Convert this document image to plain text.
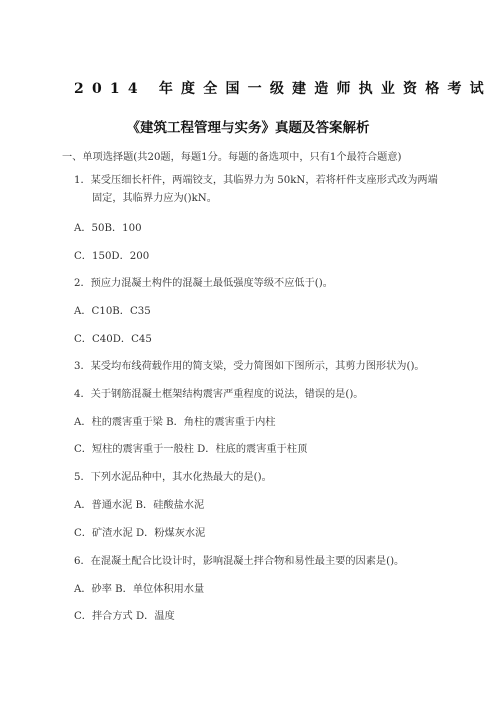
2014 年度全国一级建造师执业资格考试
《建筑工程管理与实务》真题及答案解析
一、单项选择题(共20题，每题1分。每题的备选项中，只有1个最符合题意)
1．某受压细长杆件，两端铰支，其临界力为 50kN，若将杆件支座形式改为两端
固定，其临界力应为()kN。
A．50B．100
C．150D．200
2．预应力混凝土构件的混凝土最低强度等级不应低于()。
A．C10B．C35
C．C40D．C45
3．某受均布线荷载作用的简支梁，受力简图如下图所示，其剪力图形状为()。
4．关于钢筋混凝土框架结构震害严重程度的说法，错误的是()。
A．柱的震害重于梁 B．角柱的震害重于内柱
C．短柱的震害重于一般柱 D．柱底的震害重于柱顶
5．下列水泥品种中，其水化热最大的是()。
A．普通水泥 B．硅酸盐水泥
C．矿渣水泥 D．粉煤灰水泥
6．在混凝土配合比设计时，影响混凝土拌合物和易性最主要的因素是()。
A．砂率 B．单位体积用水量
C．拌合方式 D．温度
